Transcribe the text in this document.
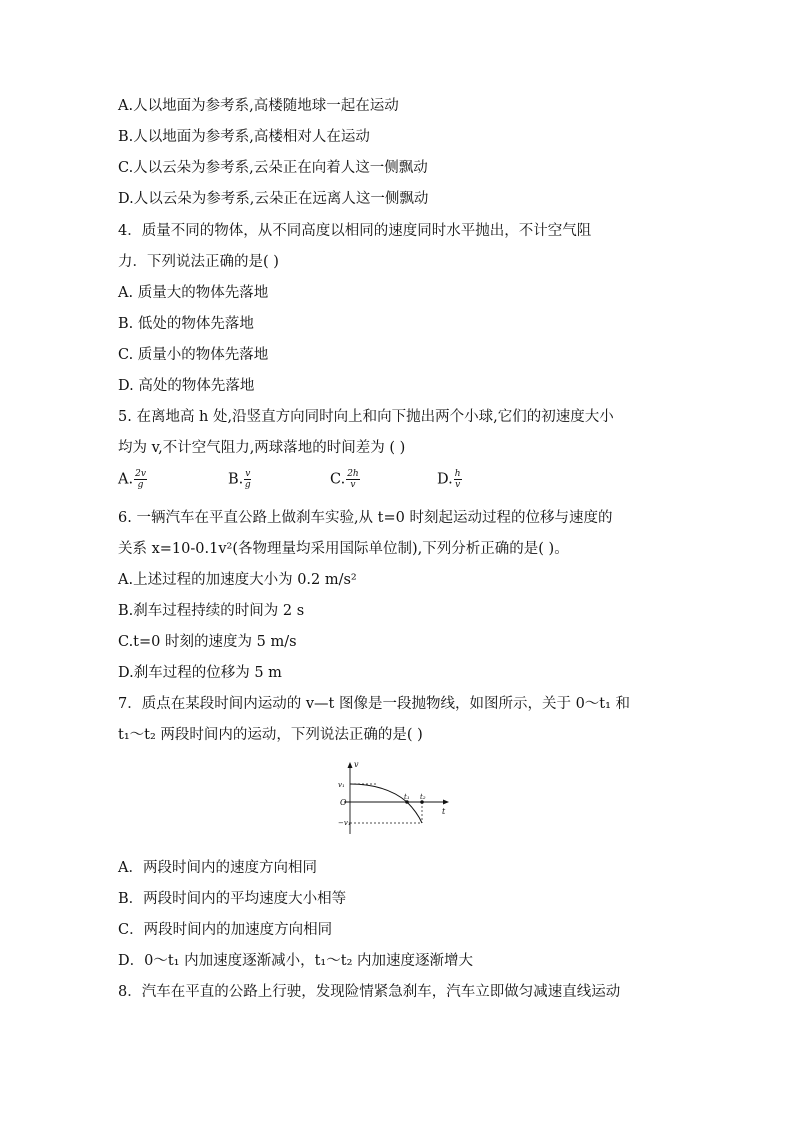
A.人以地面为参考系,高楼随地球一起在运动
B.人以地面为参考系,高楼相对人在运动
C.人以云朵为参考系,云朵正在向着人这一侧飘动
D.人以云朵为参考系,云朵正在远离人这一侧飘动
4．质量不同的物体，从不同高度以相同的速度同时水平抛出，不计空气阻
力．下列说法正确的是( )
A. 质量大的物体先落地
B. 低处的物体先落地
C. 质量小的物体先落地
D. 高处的物体先落地
5. 在离地高 h 处,沿竖直方向同时向上和向下抛出两个小球,它们的初速度大小
均为 v,不计空气阻力,两球落地的时间差为 ( )
A. $\frac{2v}{g}$	B. $\frac{v}{g}$	C. $\frac{2h}{v}$	D. $\frac{h}{v}$
6. 一辆汽车在平直公路上做刹车实验,从 t=0 时刻起运动过程的位移与速度的
关系 x=10-0.1v²(各物理量均采用国际单位制),下列分析正确的是( )。
A.上述过程的加速度大小为 0.2 m/s²
B.刹车过程持续的时间为 2 s
C.t=0 时刻的速度为 5 m/s
D.刹车过程的位移为 5 m
7．质点在某段时间内运动的 v—t 图像是一段抛物线，如图所示，关于 0～t₁ 和
t₁～t₂ 两段时间内的运动，下列说法正确的是( )
v
t
O
v₁
−v₁
t₁ t₂
A．两段时间内的速度方向相同
B．两段时间内的平均速度大小相等
C．两段时间内的加速度方向相同
D．0～t₁ 内加速度逐渐减小，t₁～t₂ 内加速度逐渐增大
8．汽车在平直的公路上行驶，发现险情紧急刹车，汽车立即做匀减速直线运动
